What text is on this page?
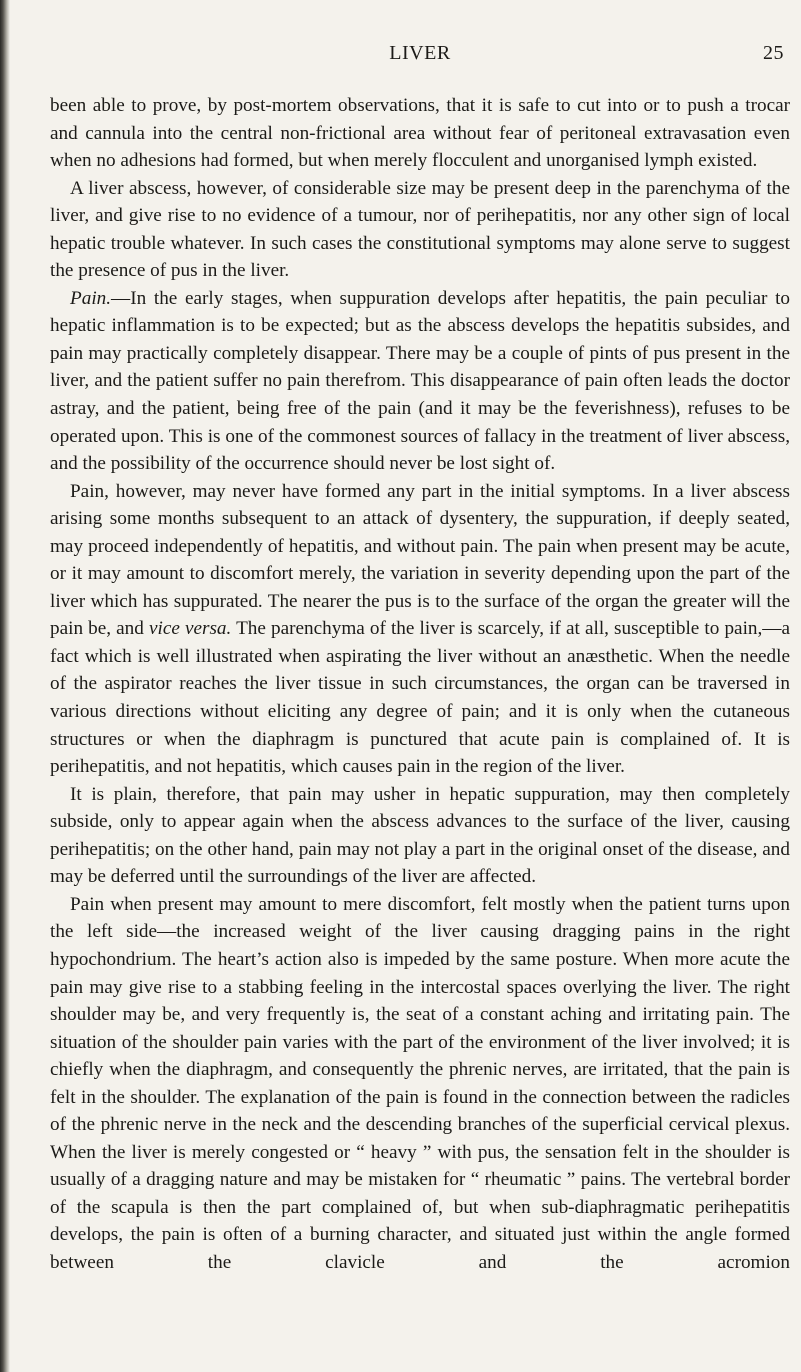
LIVER	25

been able to prove, by post-mortem observations, that it is safe to cut into or to push a trocar and cannula into the central non-frictional area without fear of peritoneal extravasation even when no adhesions had formed, but when merely flocculent and unorganised lymph existed.

A liver abscess, however, of considerable size may be present deep in the parenchyma of the liver, and give rise to no evidence of a tumour, nor of perihepatitis, nor any other sign of local hepatic trouble whatever. In such cases the constitutional symptoms may alone serve to suggest the presence of pus in the liver.

Pain.—In the early stages, when suppuration develops after hepatitis, the pain peculiar to hepatic inflammation is to be expected; but as the abscess develops the hepatitis subsides, and pain may practically completely disappear. There may be a couple of pints of pus present in the liver, and the patient suffer no pain therefrom. This disappearance of pain often leads the doctor astray, and the patient, being free of the pain (and it may be the feverishness), refuses to be operated upon. This is one of the commonest sources of fallacy in the treatment of liver abscess, and the possibility of the occurrence should never be lost sight of.

Pain, however, may never have formed any part in the initial symptoms. In a liver abscess arising some months subsequent to an attack of dysentery, the suppuration, if deeply seated, may proceed independently of hepatitis, and without pain. The pain when present may be acute, or it may amount to discomfort merely, the variation in severity depending upon the part of the liver which has suppurated. The nearer the pus is to the surface of the organ the greater will the pain be, and vice versa. The parenchyma of the liver is scarcely, if at all, susceptible to pain,—a fact which is well illustrated when aspirating the liver without an anæsthetic. When the needle of the aspirator reaches the liver tissue in such circumstances, the organ can be traversed in various directions without eliciting any degree of pain; and it is only when the cutaneous structures or when the diaphragm is punctured that acute pain is complained of. It is perihepatitis, and not hepatitis, which causes pain in the region of the liver.

It is plain, therefore, that pain may usher in hepatic suppuration, may then completely subside, only to appear again when the abscess advances to the surface of the liver, causing perihepatitis; on the other hand, pain may not play a part in the original onset of the disease, and may be deferred until the surroundings of the liver are affected.

Pain when present may amount to mere discomfort, felt mostly when the patient turns upon the left side—the increased weight of the liver causing dragging pains in the right hypochondrium. The heart’s action also is impeded by the same posture. When more acute the pain may give rise to a stabbing feeling in the intercostal spaces overlying the liver. The right shoulder may be, and very frequently is, the seat of a constant aching and irritating pain. The situation of the shoulder pain varies with the part of the environment of the liver involved; it is chiefly when the diaphragm, and consequently the phrenic nerves, are irritated, that the pain is felt in the shoulder. The explanation of the pain is found in the connection between the radicles of the phrenic nerve in the neck and the descending branches of the superficial cervical plexus. When the liver is merely congested or “ heavy ” with pus, the sensation felt in the shoulder is usually of a dragging nature and may be mistaken for “ rheumatic ” pains. The vertebral border of the scapula is then the part complained of, but when sub-diaphragmatic perihepatitis develops, the pain is often of a burning character, and situated just within the angle formed between the clavicle and the acromion
